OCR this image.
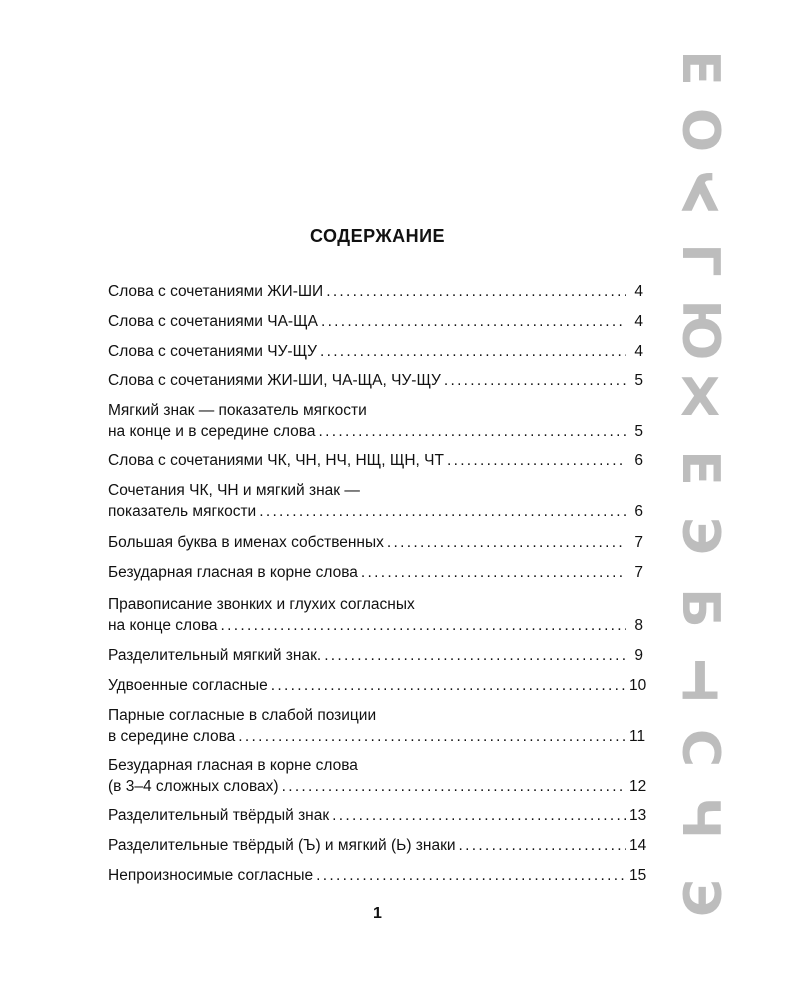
СОДЕРЖАНИЕ
Слова с сочетаниями ЖИ-ШИ . . .	4
Слова с сочетаниями ЧА-ЩА . . .	4
Слова с сочетаниями ЧУ-ЩУ . . .	4
Слова с сочетаниями ЖИ-ШИ, ЧА-ЩА, ЧУ-ЩУ . . .	5
Мягкий знак — показатель мягкости
на конце и в середине слова . . .	5
Слова с сочетаниями ЧК, ЧН, НЧ, НЩ, ЩН, ЧТ . . .	6
Сочетания ЧК, ЧН и мягкий знак —
показатель мягкости . . .	6
Большая буква в именах собственных . . .	7
Безударная гласная в корне слова . . .	7
Правописание звонких и глухих согласных
на конце слова . . .	8
Разделительный мягкий знак. . . .	9
Удвоенные согласные . . .	10
Парные согласные в слабой позиции
в середине слова . . .	11
Безударная гласная в корне слова
(в 3–4 сложных словах) . . .	12
Разделительный твёрдый знак . . .	13
Разделительные твёрдый (Ъ) и мягкий (Ь) знаки . . .	14
Непроизносимые согласные . . .	15
1
Е
О
У
Г
Ю
Х
Е
Э
Б
Т
С
Ч
Э
